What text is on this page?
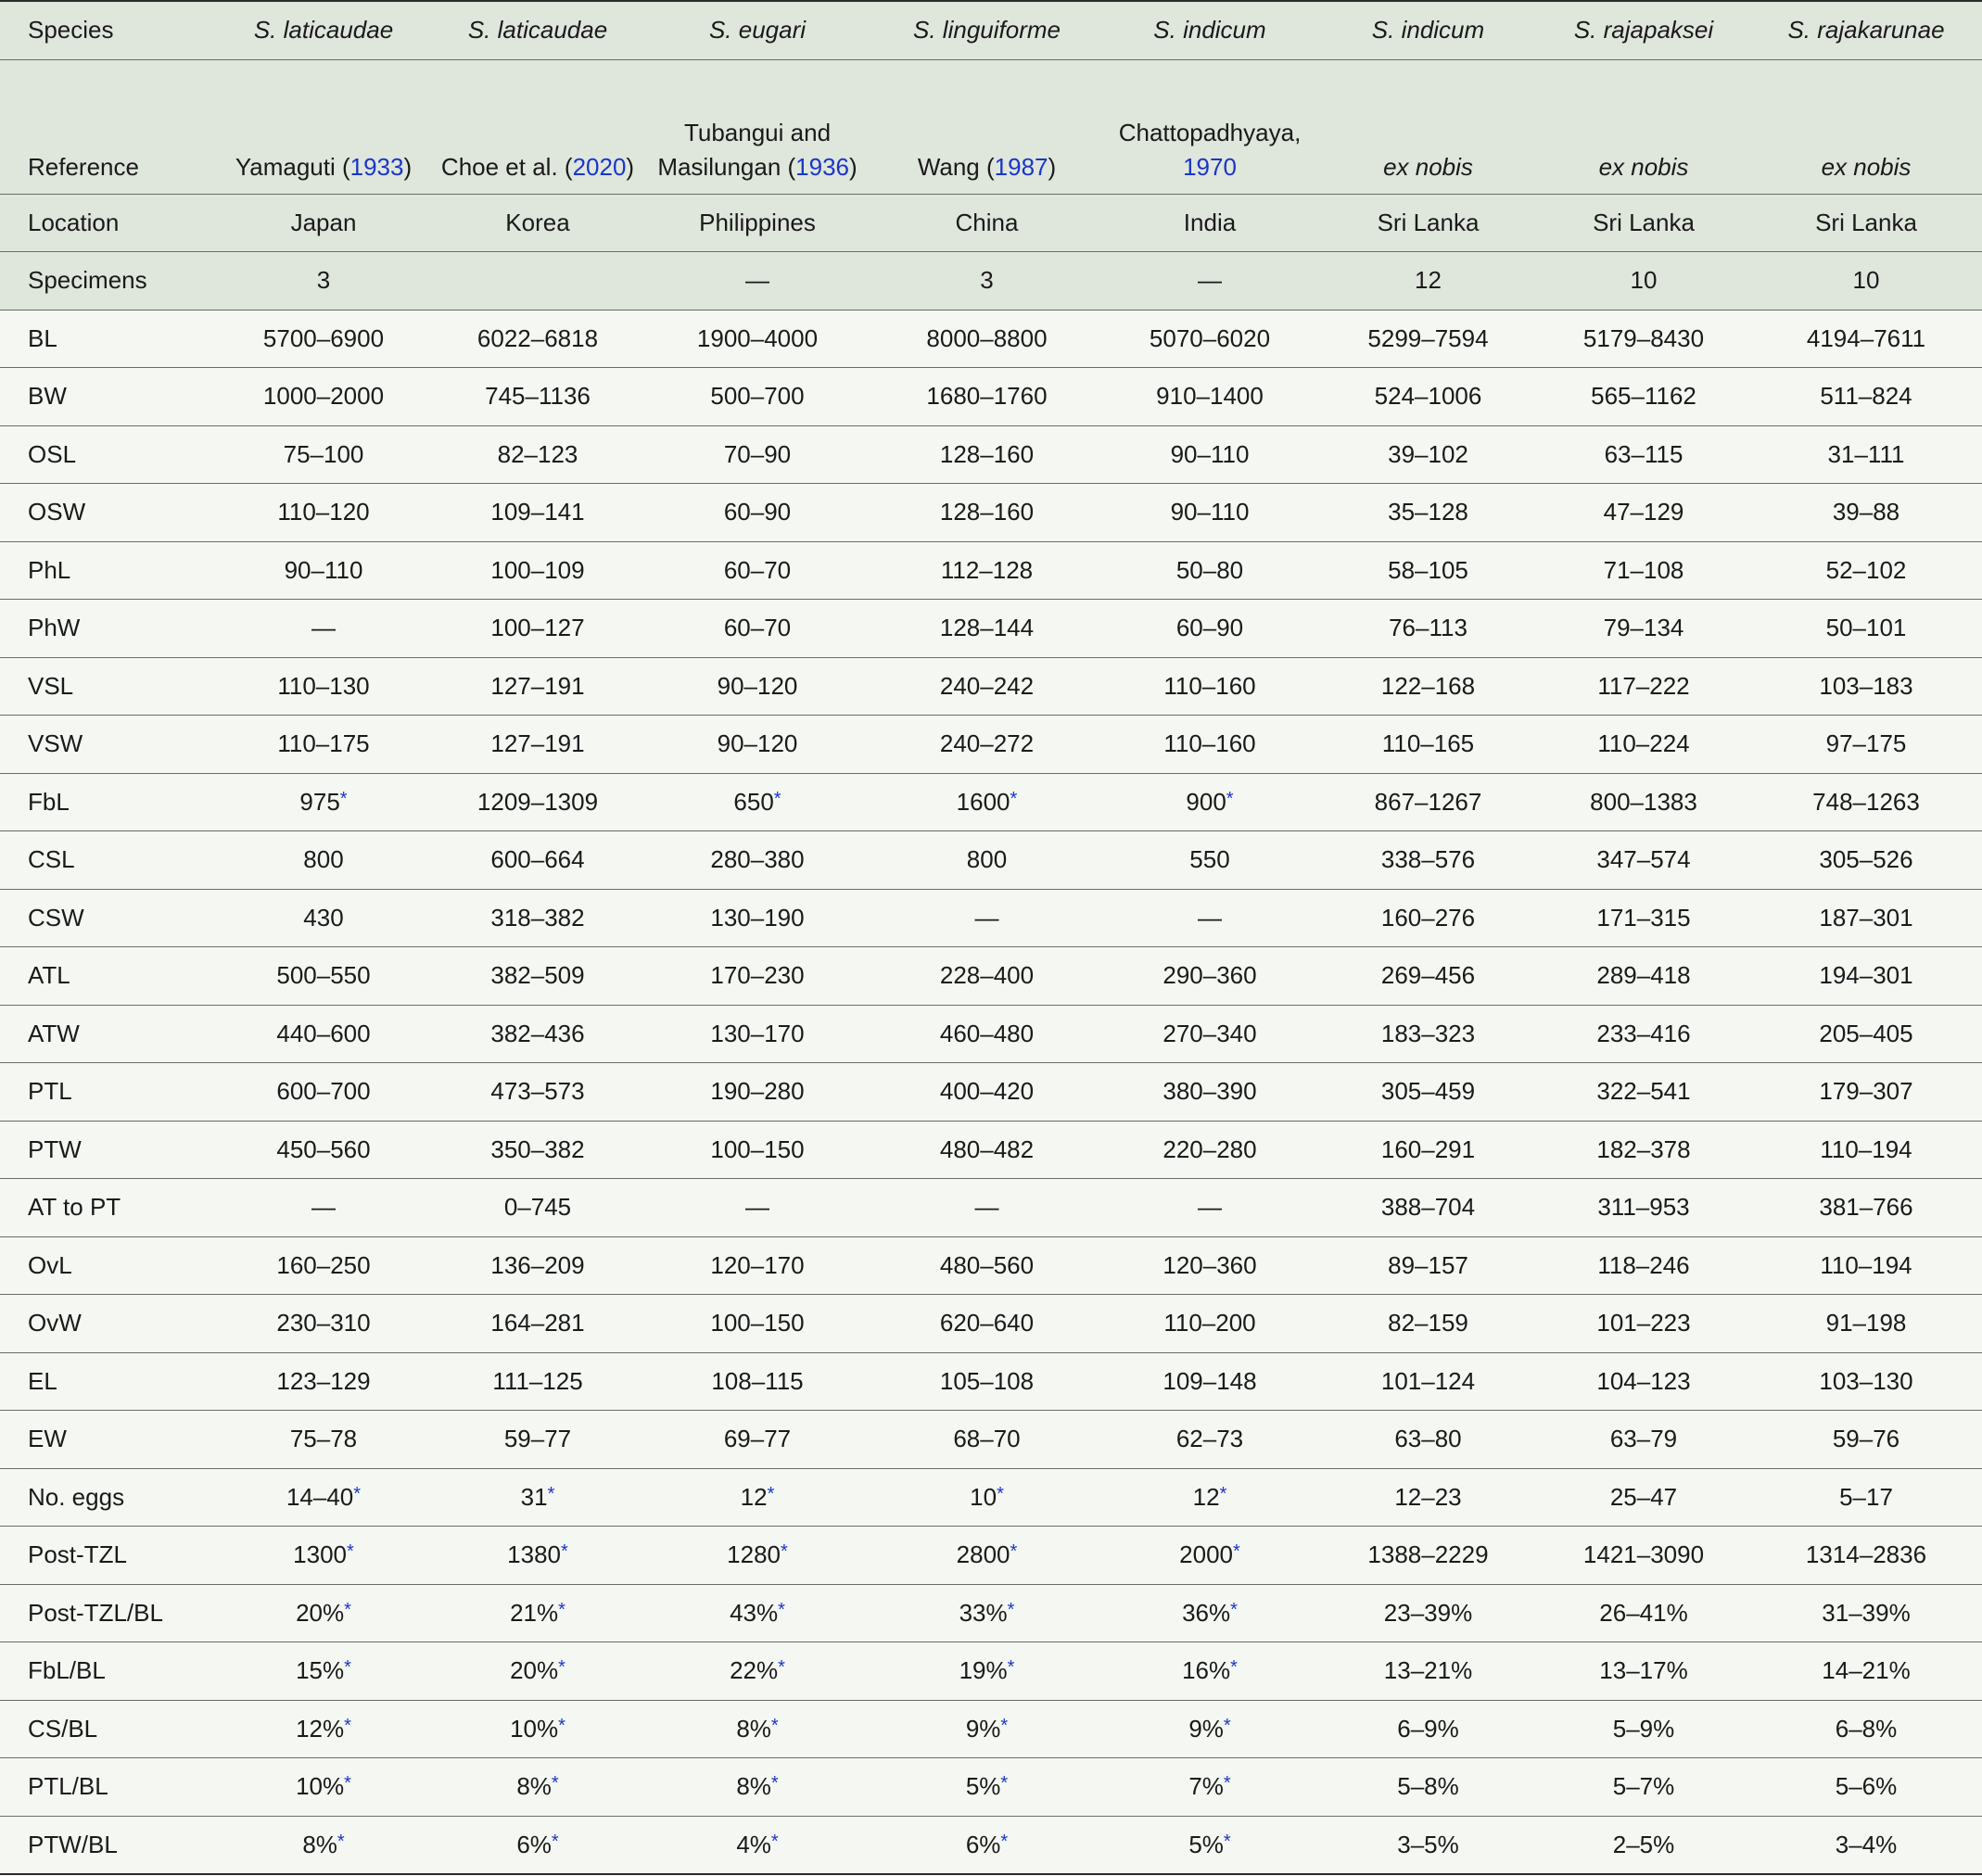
Species	S. laticaudae	S. laticaudae	S. eugari	S. linguiforme	S. indicum	S. indicum	S. rajapaksei	S. rajakarunae
Reference	Yamaguti (1933)	Choe et al. (2020)	Tubangui and Masilungan (1936)	Wang (1987)	Chattopadhyaya, 1970	ex nobis	ex nobis	ex nobis
Location	Japan	Korea	Philippines	China	India	Sri Lanka	Sri Lanka	Sri Lanka
Specimens	3		—	3	—	12	10	10
BL	5700–6900	6022–6818	1900–4000	8000–8800	5070–6020	5299–7594	5179–8430	4194–7611
BW	1000–2000	745–1136	500–700	1680–1760	910–1400	524–1006	565–1162	511–824
OSL	75–100	82–123	70–90	128–160	90–110	39–102	63–115	31–111
OSW	110–120	109–141	60–90	128–160	90–110	35–128	47–129	39–88
PhL	90–110	100–109	60–70	112–128	50–80	58–105	71–108	52–102
PhW	—	100–127	60–70	128–144	60–90	76–113	79–134	50–101
VSL	110–130	127–191	90–120	240–242	110–160	122–168	117–222	103–183
VSW	110–175	127–191	90–120	240–272	110–160	110–165	110–224	97–175
FbL	975*	1209–1309	650*	1600*	900*	867–1267	800–1383	748–1263
CSL	800	600–664	280–380	800	550	338–576	347–574	305–526
CSW	430	318–382	130–190	—	—	160–276	171–315	187–301
ATL	500–550	382–509	170–230	228–400	290–360	269–456	289–418	194–301
ATW	440–600	382–436	130–170	460–480	270–340	183–323	233–416	205–405
PTL	600–700	473–573	190–280	400–420	380–390	305–459	322–541	179–307
PTW	450–560	350–382	100–150	480–482	220–280	160–291	182–378	110–194
AT to PT	—	0–745	—	—	—	388–704	311–953	381–766
OvL	160–250	136–209	120–170	480–560	120–360	89–157	118–246	110–194
OvW	230–310	164–281	100–150	620–640	110–200	82–159	101–223	91–198
EL	123–129	111–125	108–115	105–108	109–148	101–124	104–123	103–130
EW	75–78	59–77	69–77	68–70	62–73	63–80	63–79	59–76
No. eggs	14–40*	31*	12*	10*	12*	12–23	25–47	5–17
Post-TZL	1300*	1380*	1280*	2800*	2000*	1388–2229	1421–3090	1314–2836
Post-TZL/BL	20%*	21%*	43%*	33%*	36%*	23–39%	26–41%	31–39%
FbL/BL	15%*	20%*	22%*	19%*	16%*	13–21%	13–17%	14–21%
CS/BL	12%*	10%*	8%*	9%*	9%*	6–9%	5–9%	6–8%
PTL/BL	10%*	8%*	8%*	5%*	7%*	5–8%	5–7%	5–6%
PTW/BL	8%*	6%*	4%*	6%*	5%*	3–5%	2–5%	3–4%
